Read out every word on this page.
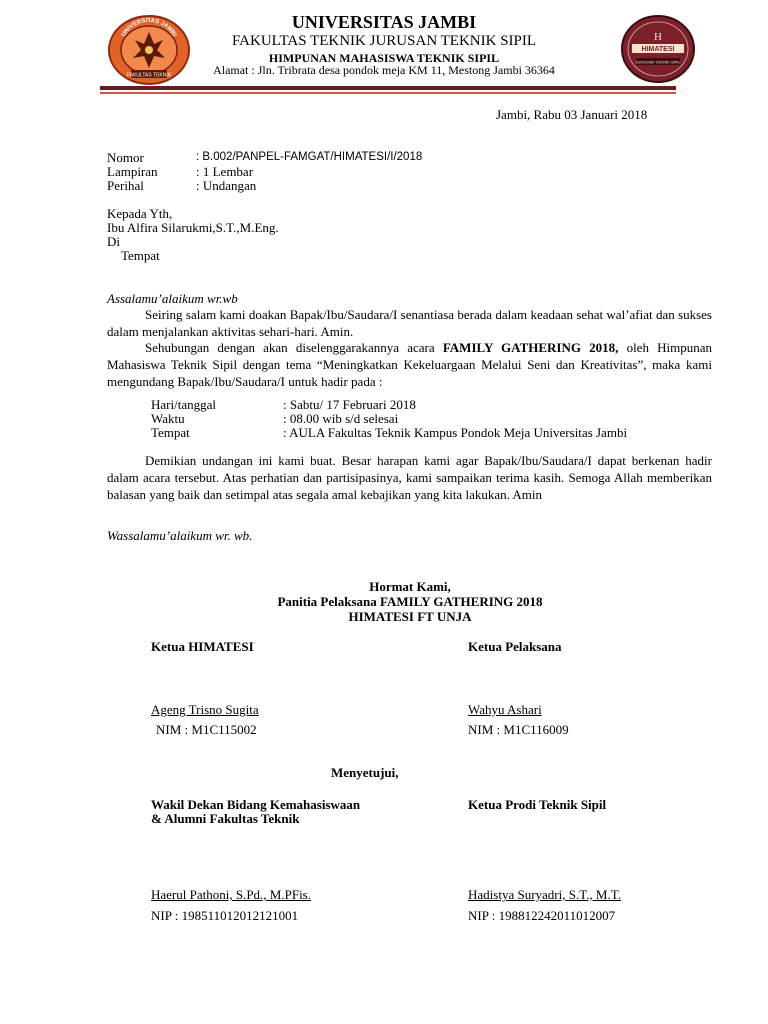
UNIVERSITAS JAMBI
FAKULTAS TEKNIK
H
HIMATESI
JURUSAN TEKNIK SIPIL
UNIVERSITAS JAMBI
FAKULTAS TEKNIK JURUSAN TEKNIK SIPIL
HIMPUNAN MAHASISWA TEKNIK SIPIL
Alamat : Jln. Tribrata desa pondok meja KM 11, Mestong Jambi 36364
Jambi, Rabu 03 Januari 2018
Nomor	: B.002/PANPEL-FAMGAT/HIMATESI/I/2018
Lampiran	: 1 Lembar
Perihal	: Undangan
Kepada Yth,
Ibu Alfira Silarukmi,S.T.,M.Eng.
Di
Tempat
Assalamu’alaikum wr.wb
Seiring salam kami doakan Bapak/Ibu/Saudara/I senantiasa berada dalam keadaan sehat wal’afiat dan sukses dalam menjalankan aktivitas sehari-hari. Amin.
Sehubungan dengan akan diselenggarakannya acara FAMILY GATHERING 2018, oleh Himpunan Mahasiswa Teknik Sipil dengan tema “Meningkatkan Kekeluargaan Melalui Seni dan Kreativitas”, maka kami mengundang Bapak/Ibu/Saudara/I untuk hadir pada :
Hari/tanggal	: Sabtu/ 17 Februari 2018
Waktu	: 08.00 wib s/d selesai
Tempat	: AULA Fakultas Teknik Kampus Pondok Meja Universitas Jambi
Demikian undangan ini kami buat. Besar harapan kami agar Bapak/Ibu/Saudara/I dapat berkenan hadir dalam acara tersebut. Atas perhatian dan partisipasinya, kami sampaikan terima kasih. Semoga Allah memberikan balasan yang baik dan setimpal atas segala amal kebajikan yang kita lakukan. Amin
Wassalamu’alaikum wr. wb.
Hormat Kami,
Panitia Pelaksana FAMILY GATHERING 2018
HIMATESI FT UNJA
Ketua HIMATESI	Ketua Pelaksana
Ageng Trisno Sugita	Wahyu Ashari
NIM : M1C115002	NIM : M1C116009
Menyetujui,
Wakil Dekan Bidang Kemahasiswaan
& Alumni Fakultas Teknik
Ketua Prodi Teknik Sipil
Haerul Pathoni, S.Pd., M.PFis.	Hadistya Suryadri, S.T., M.T.
NIP : 198511012012121001	NIP : 198812242011012007
